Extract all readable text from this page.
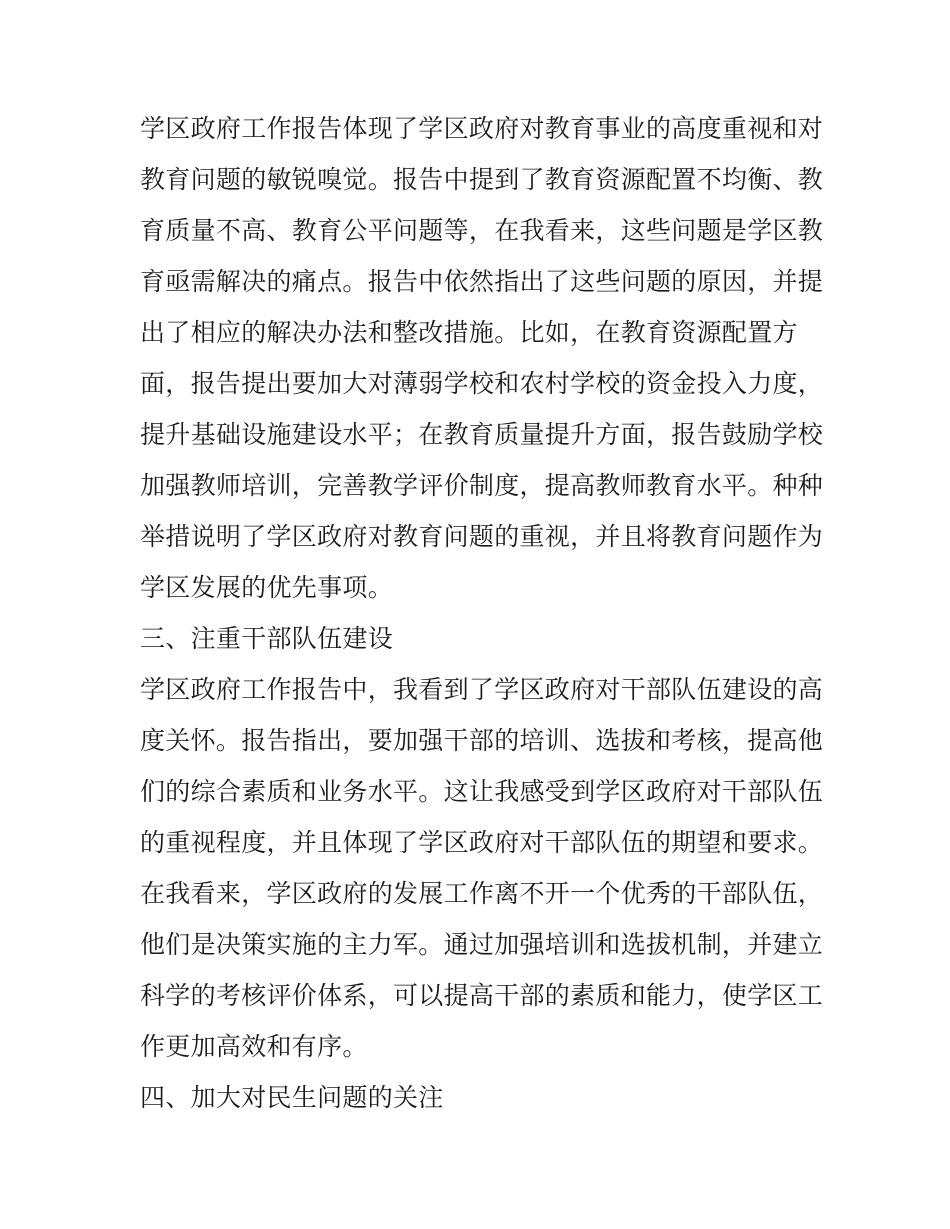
学区政府工作报告体现了学区政府对教育事业的高度重视和对
教育问题的敏锐嗅觉。报告中提到了教育资源配置不均衡、教
育质量不高、教育公平问题等，在我看来，这些问题是学区教
育亟需解决的痛点。报告中依然指出了这些问题的原因，并提
出了相应的解决办法和整改措施。比如，在教育资源配置方
面，报告提出要加大对薄弱学校和农村学校的资金投入力度，
提升基础设施建设水平；在教育质量提升方面，报告鼓励学校
加强教师培训，完善教学评价制度，提高教师教育水平。种种
举措说明了学区政府对教育问题的重视，并且将教育问题作为
学区发展的优先事项。
三、注重干部队伍建设
学区政府工作报告中，我看到了学区政府对干部队伍建设的高
度关怀。报告指出，要加强干部的培训、选拔和考核，提高他
们的综合素质和业务水平。这让我感受到学区政府对干部队伍
的重视程度，并且体现了学区政府对干部队伍的期望和要求。
在我看来，学区政府的发展工作离不开一个优秀的干部队伍，
他们是决策实施的主力军。通过加强培训和选拔机制，并建立
科学的考核评价体系，可以提高干部的素质和能力，使学区工
作更加高效和有序。
四、加大对民生问题的关注
